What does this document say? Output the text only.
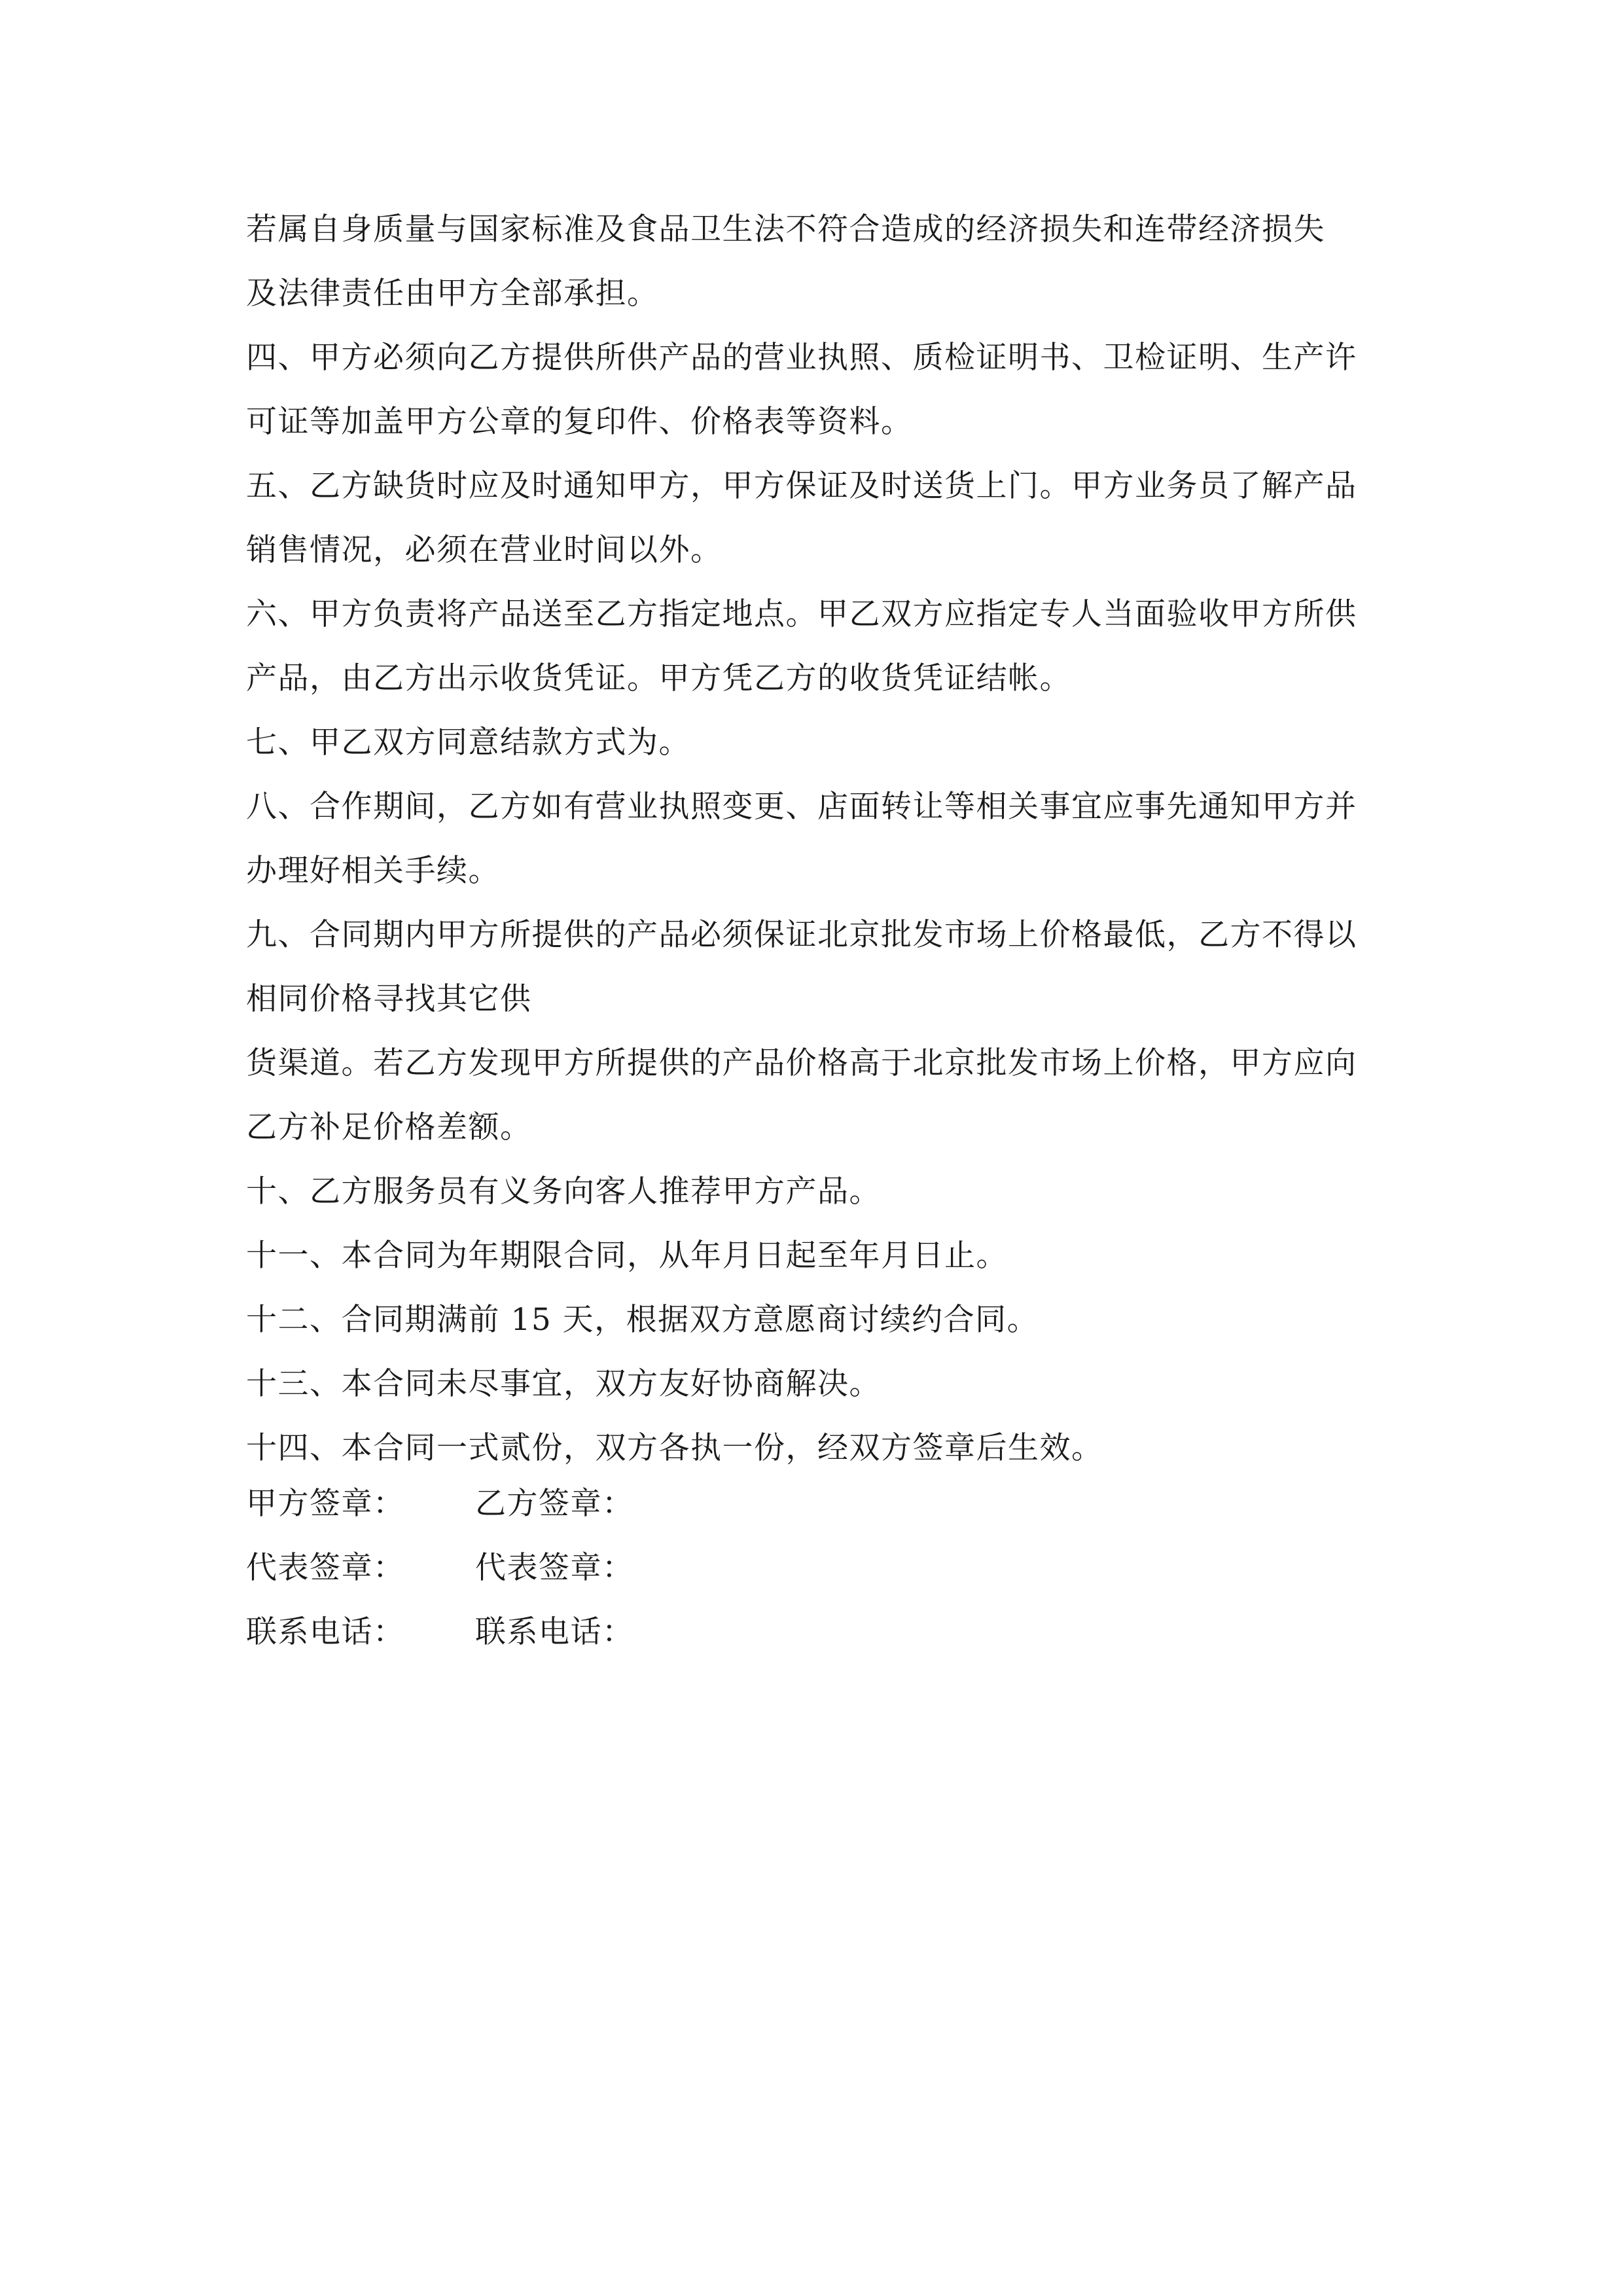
若属自身质量与国家标准及食品卫生法不符合造成的经济损失和连带经济损失
及法律责任由甲方全部承担。
四、甲方必须向乙方提供所供产品的营业执照、质检证明书、卫检证明、生产许
可证等加盖甲方公章的复印件、价格表等资料。
五、乙方缺货时应及时通知甲方，甲方保证及时送货上门。甲方业务员了解产品
销售情况，必须在营业时间以外。
六、甲方负责将产品送至乙方指定地点。甲乙双方应指定专人当面验收甲方所供
产品，由乙方出示收货凭证。甲方凭乙方的收货凭证结帐。
七、甲乙双方同意结款方式为。
八、合作期间，乙方如有营业执照变更、店面转让等相关事宜应事先通知甲方并
办理好相关手续。
九、合同期内甲方所提供的产品必须保证北京批发市场上价格最低，乙方不得以
相同价格寻找其它供
货渠道。若乙方发现甲方所提供的产品价格高于北京批发市场上价格，甲方应向
乙方补足价格差额。
十、乙方服务员有义务向客人推荐甲方产品。
十一、本合同为年期限合同，从年月日起至年月日止。
十二、合同期满前 15 天，根据双方意愿商讨续约合同。
十三、本合同未尽事宜，双方友好协商解决。
十四、本合同一式贰份，双方各执一份，经双方签章后生效。
甲方签章： 乙方签章：
代表签章： 代表签章：
联系电话： 联系电话：
